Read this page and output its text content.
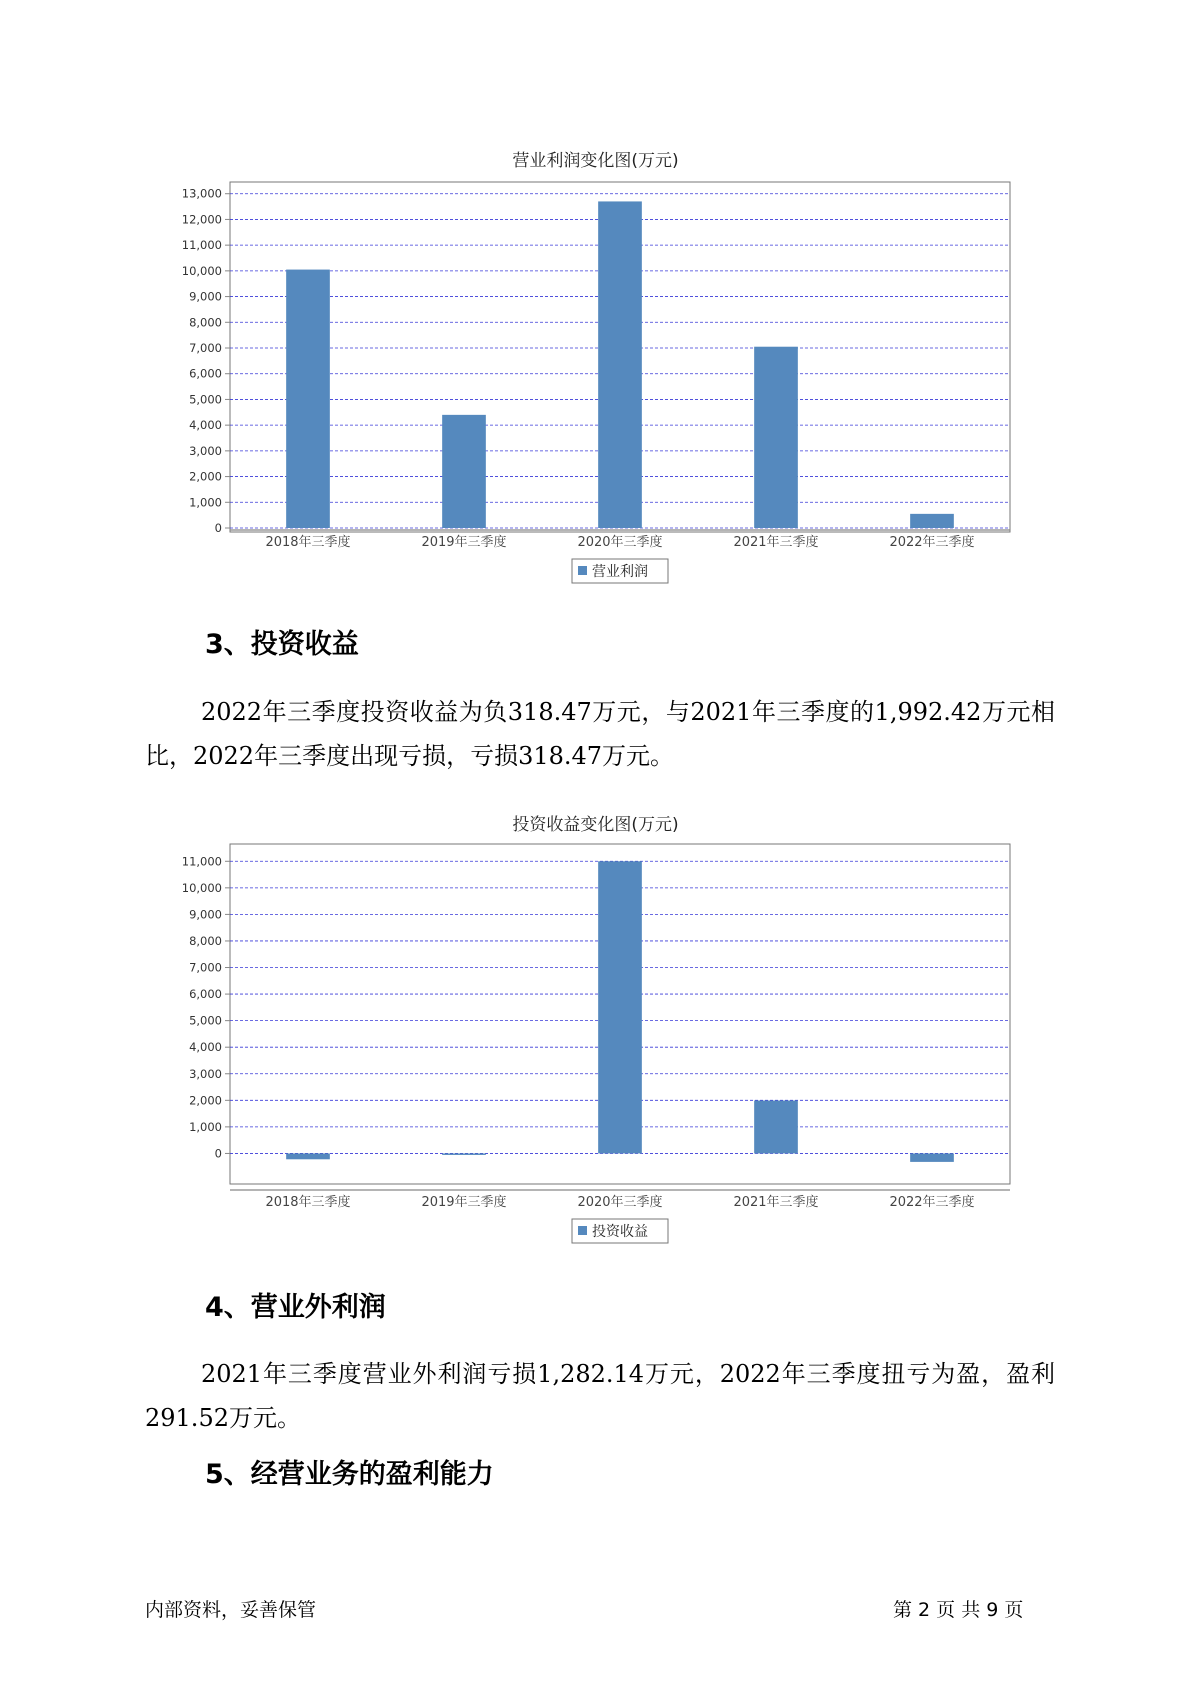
营业利润变化图(万元)
0
1,000
2,000
3,000
4,000
5,000
6,000
7,000
8,000
9,000
10,000
11,000
12,000
13,000
2018年三季度	2019年三季度	2020年三季度	2021年三季度	2022年三季度
营业利润
3、投资收益

2022年三季度投资收益为负318.47万元，与2021年三季度的1,992.42万元相比，2022年三季度出现亏损，亏损318.47万元。

投资收益变化图(万元)
0
1,000
2,000
3,000
4,000
5,000
6,000
7,000
8,000
9,000
10,000
11,000
2018年三季度	2019年三季度	2020年三季度	2021年三季度	2022年三季度
投资收益
4、营业外利润

2021年三季度营业外利润亏损1,282.14万元，2022年三季度扭亏为盈，盈利291.52万元。

5、经营业务的盈利能力
内部资料，妥善保管	第 2 页 共 9 页
